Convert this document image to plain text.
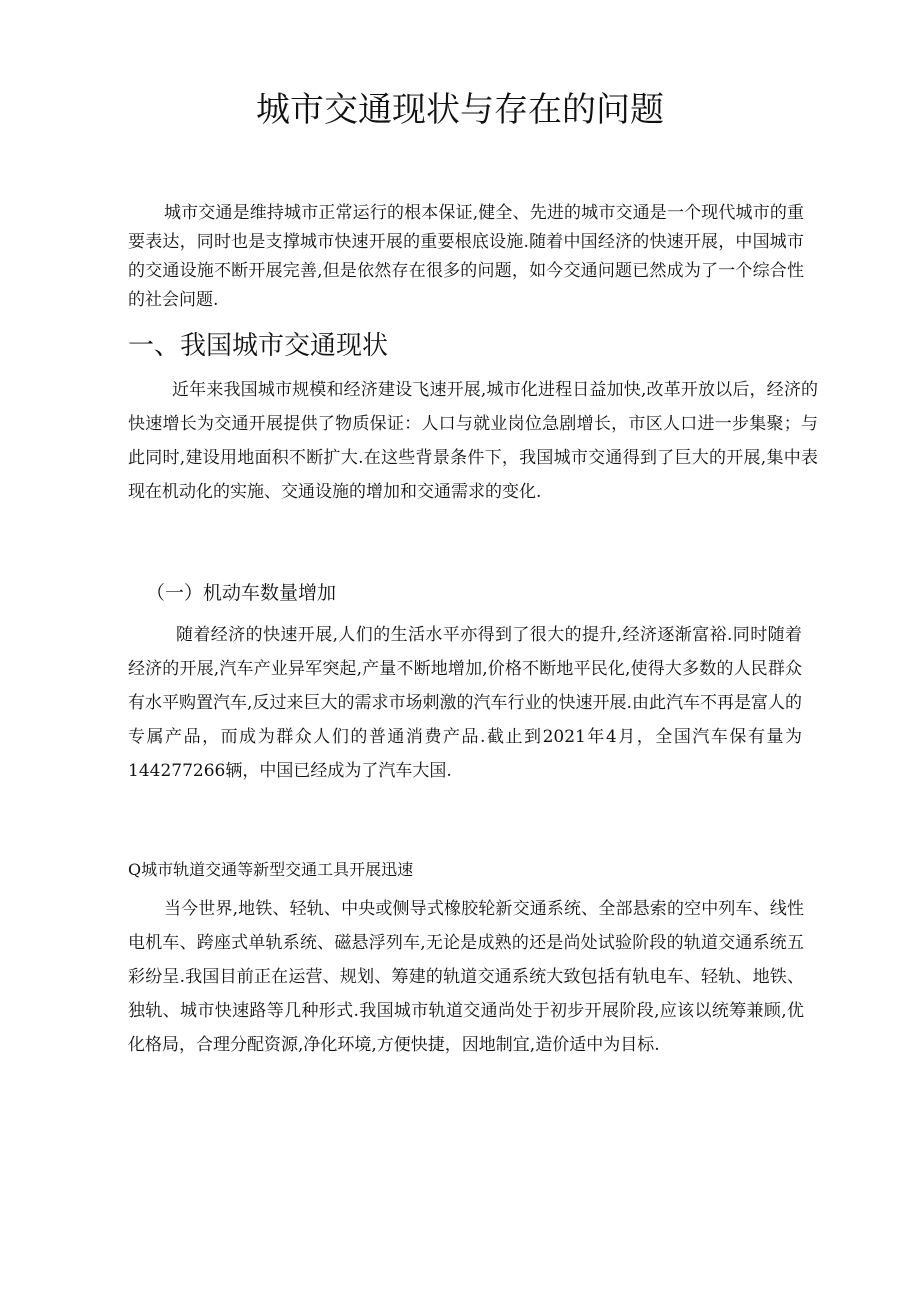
城市交通现状与存在的问题

城市交通是维持城市正常运行的根本保证,健全、先进的城市交通是一个现代城市的重要表达，同时也是支撑城市快速开展的重要根底设施.随着中国经济的快速开展，中国城市的交通设施不断开展完善,但是依然存在很多的问题，如今交通问题已然成为了一个综合性的社会问题.

一、我国城市交通现状

近年来我国城市规模和经济建设飞速开展,城市化进程日益加快,改革开放以后，经济的快速增长为交通开展提供了物质保证：人口与就业岗位急剧增长，市区人口进一步集聚；与此同时,建设用地面积不断扩大.在这些背景条件下，我国城市交通得到了巨大的开展,集中表现在机动化的实施、交通设施的增加和交通需求的变化.

（一）机动车数量增加

随着经济的快速开展,人们的生活水平亦得到了很大的提升,经济逐渐富裕.同时随着经济的开展,汽车产业异军突起,产量不断地增加,价格不断地平民化,使得大多数的人民群众有水平购置汽车,反过来巨大的需求市场刺激的汽车行业的快速开展.由此汽车不再是富人的专属产品，而成为群众人们的普通消费产品.截止到2021年4月，全国汽车保有量为144277266辆，中国已经成为了汽车大国.

Q城市轨道交通等新型交通工具开展迅速

当今世界,地铁、轻轨、中央或侧导式橡胶轮新交通系统、全部悬索的空中列车、线性电机车、跨座式单轨系统、磁悬浮列车,无论是成熟的还是尚处试验阶段的轨道交通系统五彩纷呈.我国目前正在运营、规划、筹建的轨道交通系统大致包括有轨电车、轻轨、地铁、独轨、城市快速路等几种形式.我国城市轨道交通尚处于初步开展阶段,应该以统筹兼顾,优化格局，合理分配资源,净化环境,方便快捷，因地制宜,造价适中为目标.
